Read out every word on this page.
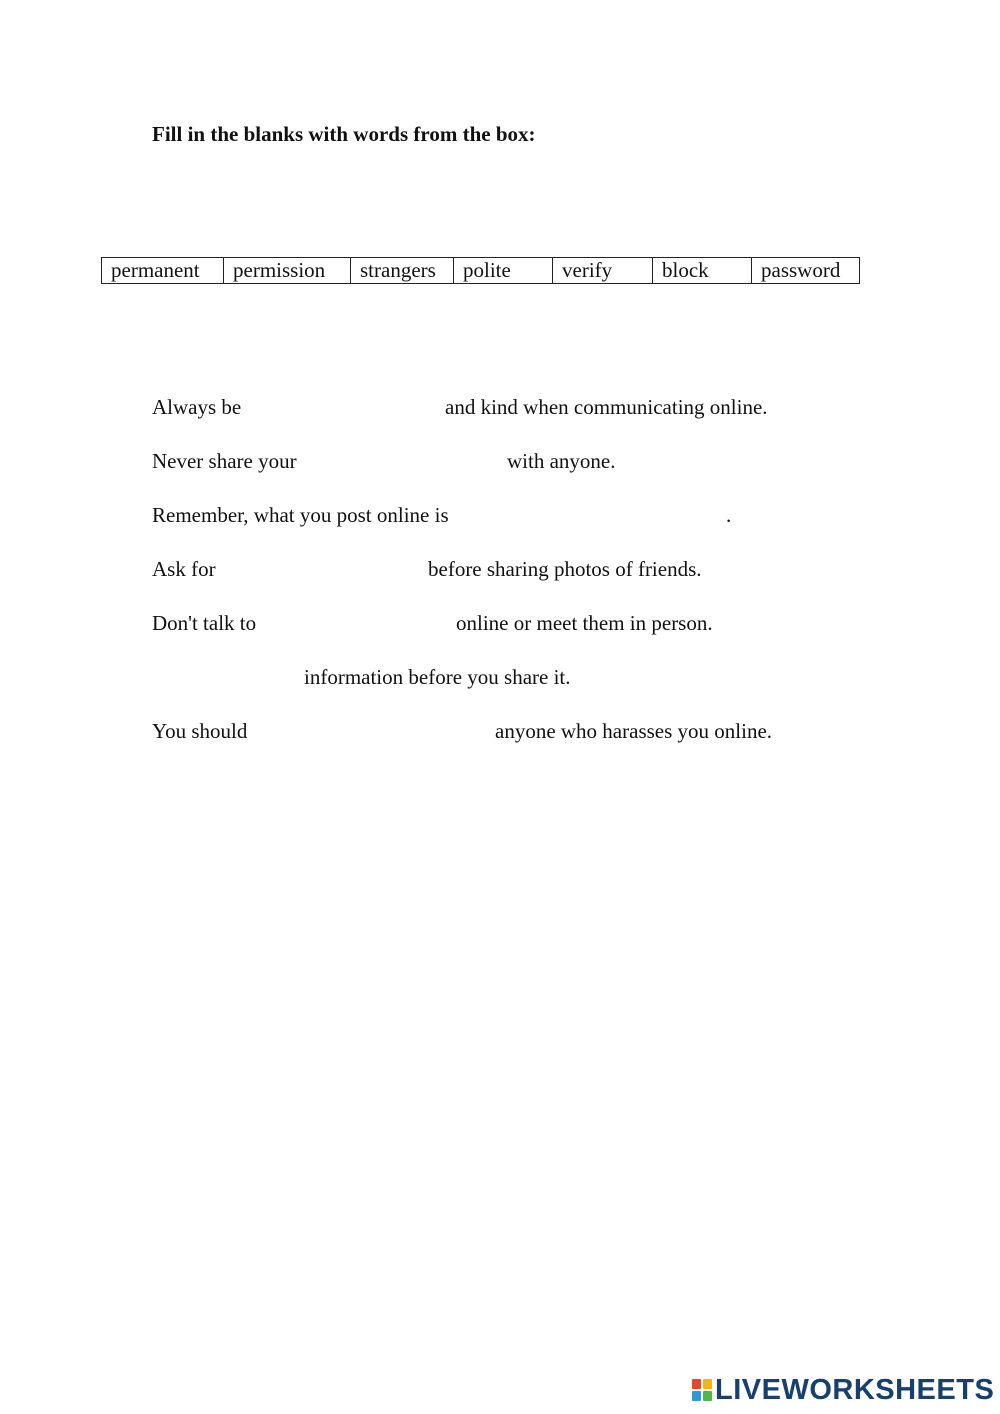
Fill in the blanks with words from the box:
permanent	permission	strangers	polite	verify	block	password
Always be	and kind when communicating online.
Never share your	with anyone.
Remember, what you post online is	.
Ask for	before sharing photos of friends.
Don't talk to	online or meet them in person.
information before you share it.
You should	anyone who harasses you online.
LIVEWORKSHEETS
